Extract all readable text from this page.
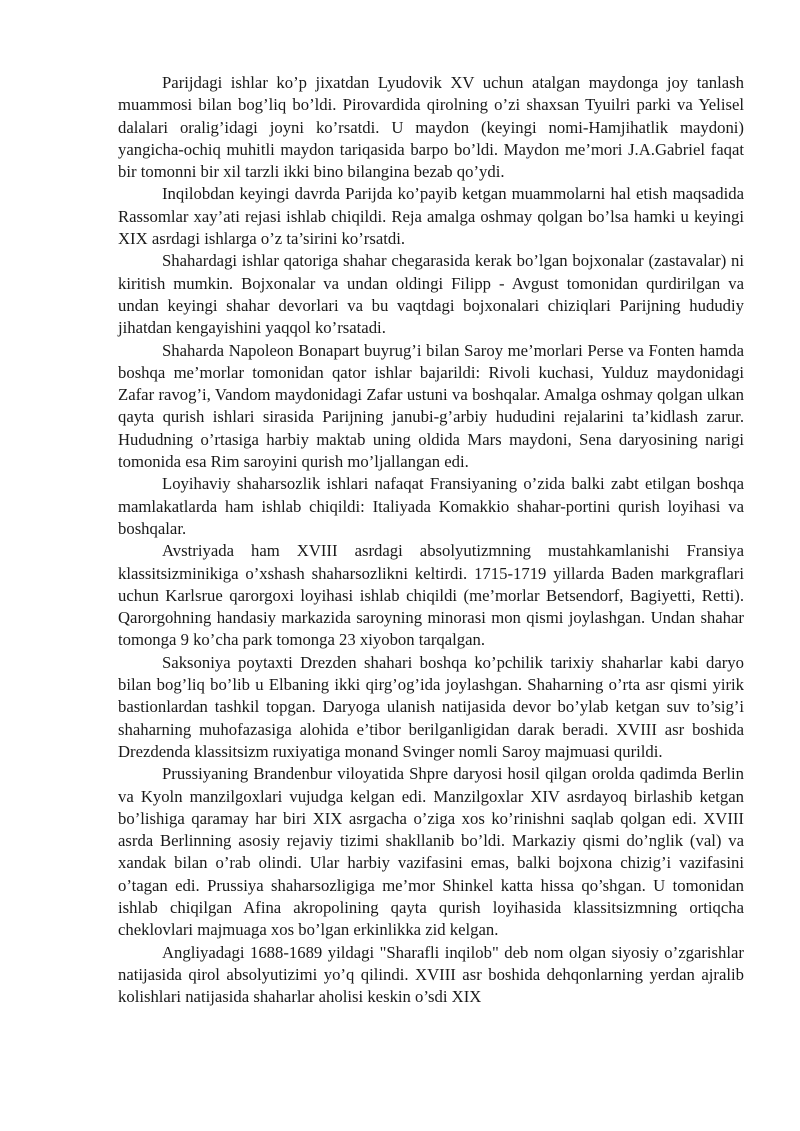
Parijdagi ishlar ko’p jixatdan Lyudovik XV uchun atalgan maydonga joy tanlash muammosi bilan bog’liq bo’ldi. Pirovardida qirolning o’zi shaxsan Tyuilri parki va Yelisel dalalari oralig’idagi joyni ko’rsatdi. U maydon (keyingi nomi-Hamjihatlik maydoni) yangicha-ochiq muhitli maydon tariqasida barpo bo’ldi. Maydon me’mori J.A.Gabriel faqat bir tomonni bir xil tarzli ikki bino bilangina bezab qo’ydi.

Inqilobdan keyingi davrda Parijda ko’payib ketgan muammolarni hal etish maqsadida Rassomlar xay’ati rejasi ishlab chiqildi. Reja amalga oshmay qolgan bo’lsa hamki u keyingi XIX asrdagi ishlarga o’z ta’sirini ko’rsatdi.

Shahardagi ishlar qatoriga shahar chegarasida kerak bo’lgan bojxonalar (zastavalar) ni kiritish mumkin. Bojxonalar va undan oldingi Filipp - Avgust tomonidan qurdirilgan va undan keyingi shahar devorlari va bu vaqtdagi bojxonalari chiziqlari Parijning hududiy jihatdan kengayishini yaqqol ko’rsatadi.

Shaharda Napoleon Bonapart buyrug’i bilan Saroy me’morlari Perse va Fonten hamda boshqa me’morlar tomonidan qator ishlar bajarildi: Rivoli kuchasi, Yulduz maydonidagi Zafar ravog’i, Vandom maydonidagi Zafar ustuni va boshqalar. Amalga oshmay qolgan ulkan qayta qurish ishlari sirasida Parijning janubi-g’arbiy hududini rejalarini ta’kidlash zarur. Hududning o’rtasiga harbiy maktab uning oldida Mars maydoni, Sena daryosining narigi tomonida esa Rim saroyini qurish mo’ljallangan edi.

Loyihaviy shaharsozlik ishlari nafaqat Fransiyaning o’zida balki zabt etilgan boshqa mamlakatlarda ham ishlab chiqildi: Italiyada Komakkio shahar-portini qurish loyihasi va boshqalar.

Avstriyada ham XVIII asrdagi absolyutizmning mustahkamlanishi Fransiya klassitsizminikiga o’xshash shaharsozlikni keltirdi. 1715-1719 yillarda Baden markgraflari uchun Karlsrue qarorgoxi loyihasi ishlab chiqildi (me’morlar Betsendorf, Bagiyetti, Retti). Qarorgohning handasiy markazida saroyning minorasi mon qismi joylashgan. Undan shahar tomonga 9 ko’cha park tomonga 23 xiyobon tarqalgan.

Saksoniya poytaxti Drezden shahari boshqa ko’pchilik tarixiy shaharlar kabi daryo bilan bog’liq bo’lib u Elbaning ikki qirg’og’ida joylashgan. Shaharning o’rta asr qismi yirik bastionlardan tashkil topgan. Daryoga ulanish natijasida devor bo’ylab ketgan suv to’sig’i shaharning muhofazasiga alohida e’tibor berilganligidan darak beradi. XVIII asr boshida Drezdenda klassitsizm ruxiyatiga monand Svinger nomli Saroy majmuasi qurildi.

Prussiyaning Brandenbur viloyatida Shpre daryosi hosil qilgan orolda qadimda Berlin va Kyoln manzilgoxlari vujudga kelgan edi. Manzilgoxlar XIV asrdayoq birlashib ketgan bo’lishiga qaramay har biri XIX asrgacha o’ziga xos ko’rinishni saqlab qolgan edi. XVIII asrda Berlinning asosiy rejaviy tizimi shakllanib bo’ldi. Markaziy qismi do’nglik (val) va xandak bilan o’rab olindi. Ular harbiy vazifasini emas, balki bojxona chizig’i vazifasini o’tagan edi. Prussiya shaharsozligiga me’mor Shinkel katta hissa qo’shgan. U tomonidan ishlab chiqilgan Afina akropolining qayta qurish loyihasida klassitsizmning ortiqcha cheklovlari majmuaga xos bo’lgan erkinlikka zid kelgan.

Angliyadagi 1688-1689 yildagi "Sharafli inqilob" deb nom olgan siyosiy o’zgarishlar natijasida qirol absolyutizimi yo’q qilindi. XVIII asr boshida dehqonlarning yerdan ajralib kolishlari natijasida shaharlar aholisi keskin o’sdi XIX
